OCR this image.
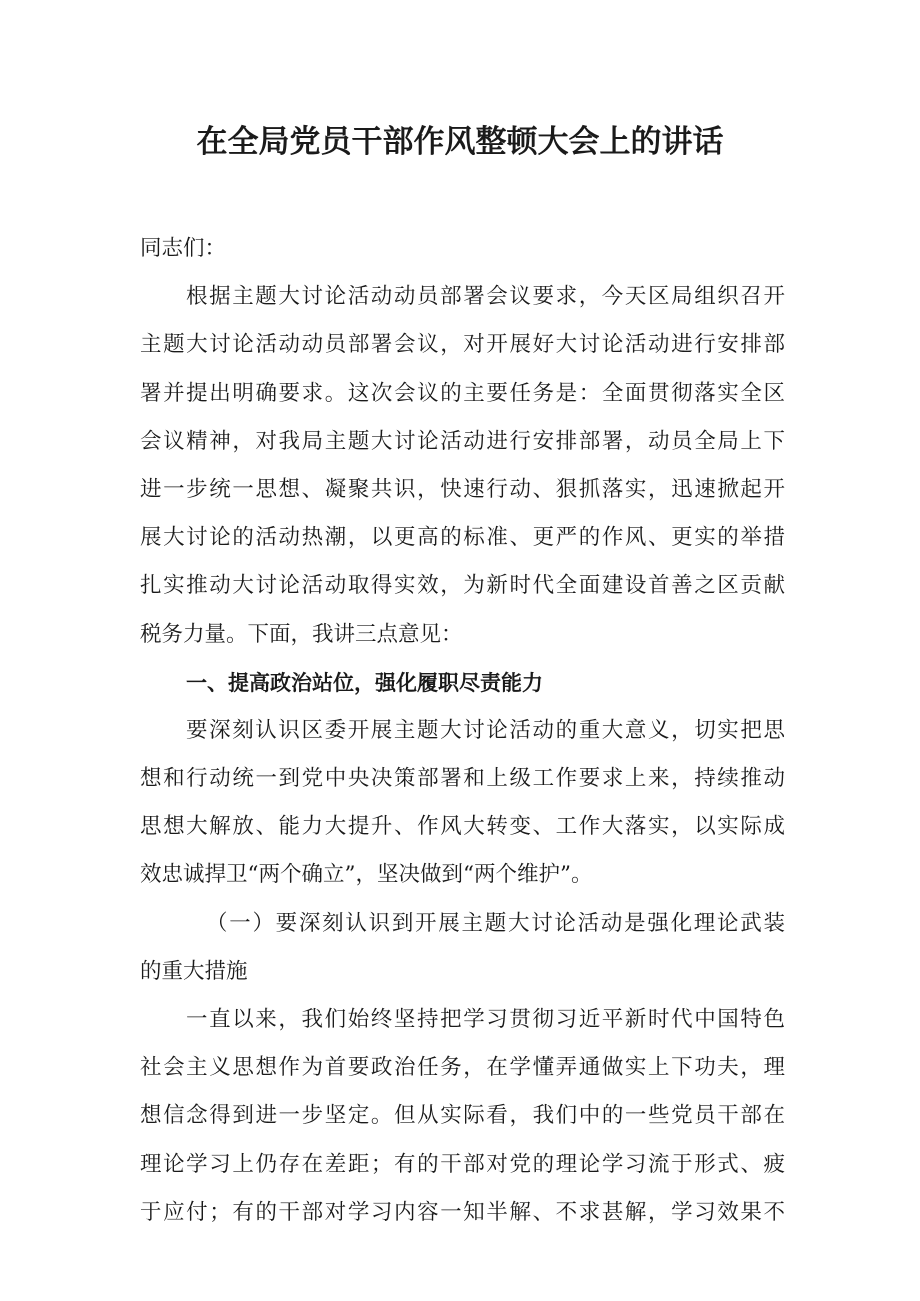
在全局党员干部作风整顿大会上的讲话
同志们：
根据主题大讨论活动动员部署会议要求，今天区局组织召开
主题大讨论活动动员部署会议，对开展好大讨论活动进行安排部
署并提出明确要求。这次会议的主要任务是：全面贯彻落实全区
会议精神，对我局主题大讨论活动进行安排部署，动员全局上下
进一步统一思想、凝聚共识，快速行动、狠抓落实，迅速掀起开
展大讨论的活动热潮，以更高的标准、更严的作风、更实的举措
扎实推动大讨论活动取得实效，为新时代全面建设首善之区贡献
税务力量。下面，我讲三点意见：
一、提高政治站位，强化履职尽责能力
要深刻认识区委开展主题大讨论活动的重大意义，切实把思
想和行动统一到党中央决策部署和上级工作要求上来，持续推动
思想大解放、能力大提升、作风大转变、工作大落实，以实际成
效忠诚捍卫“两个确立”，坚决做到“两个维护”。
（一）要深刻认识到开展主题大讨论活动是强化理论武装
的重大措施
一直以来，我们始终坚持把学习贯彻习近平新时代中国特色
社会主义思想作为首要政治任务，在学懂弄通做实上下功夫，理
想信念得到进一步坚定。但从实际看，我们中的一些党员干部在
理论学习上仍存在差距；有的干部对党的理论学习流于形式、疲
于应付；有的干部对学习内容一知半解、不求甚解，学习效果不
